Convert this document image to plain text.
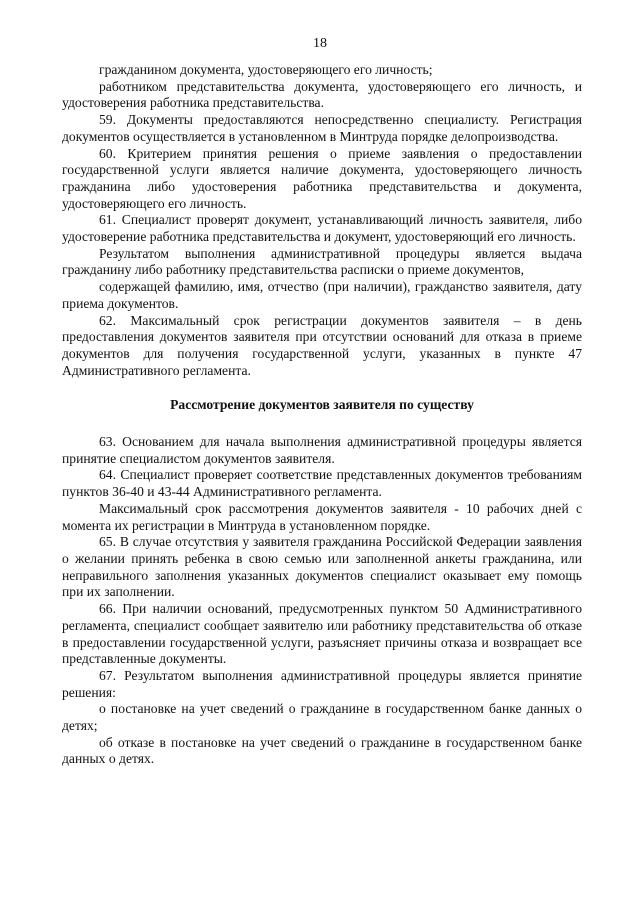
18

гражданином документа, удостоверяющего его личность;

работником представительства документа, удостоверяющего его личность, и удостоверения работника представительства.

59. Документы предоставляются непосредственно специалисту. Регистрация документов осуществляется в установленном в Минтруда порядке делопроизводства.

60. Критерием принятия решения о приеме заявления о предоставлении государственной услуги является наличие документа, удостоверяющего личность гражданина либо удостоверения работника представительства и документа, удостоверяющего его личность.

61. Специалист проверят документ, устанавливающий личность заявителя, либо удостоверение работника представительства и документ, удостоверяющий его личность.

Результатом выполнения административной процедуры является выдача гражданину либо работнику представительства расписки о приеме документов,

содержащей фамилию, имя, отчество (при наличии), гражданство заявителя, дату приема документов.

62. Максимальный срок регистрации документов заявителя – в день предоставления документов заявителя при отсутствии оснований для отказа в приеме документов для получения государственной услуги, указанных в пункте 47 Административного регламента.

Рассмотрение документов заявителя по существу

63. Основанием для начала выполнения административной процедуры является принятие специалистом документов заявителя.

64. Специалист проверяет соответствие представленных документов требованиям пунктов 36-40 и 43-44 Административного регламента.

Максимальный срок рассмотрения документов заявителя - 10 рабочих дней с момента их регистрации в Минтруда в установленном порядке.

65. В случае отсутствия у заявителя гражданина Российской Федерации заявления о желании принять ребенка в свою семью или заполненной анкеты гражданина, или неправильного заполнения указанных документов специалист оказывает ему помощь при их заполнении.

66. При наличии оснований, предусмотренных пунктом 50 Административного регламента, специалист сообщает заявителю или работнику представительства об отказе в предоставлении государственной услуги, разъясняет причины отказа и возвращает все представленные документы.

67. Результатом выполнения административной процедуры является принятие решения:

о постановке на учет сведений о гражданине в государственном банке данных о детях;

об отказе в постановке на учет сведений о гражданине в государственном банке данных о детях.
